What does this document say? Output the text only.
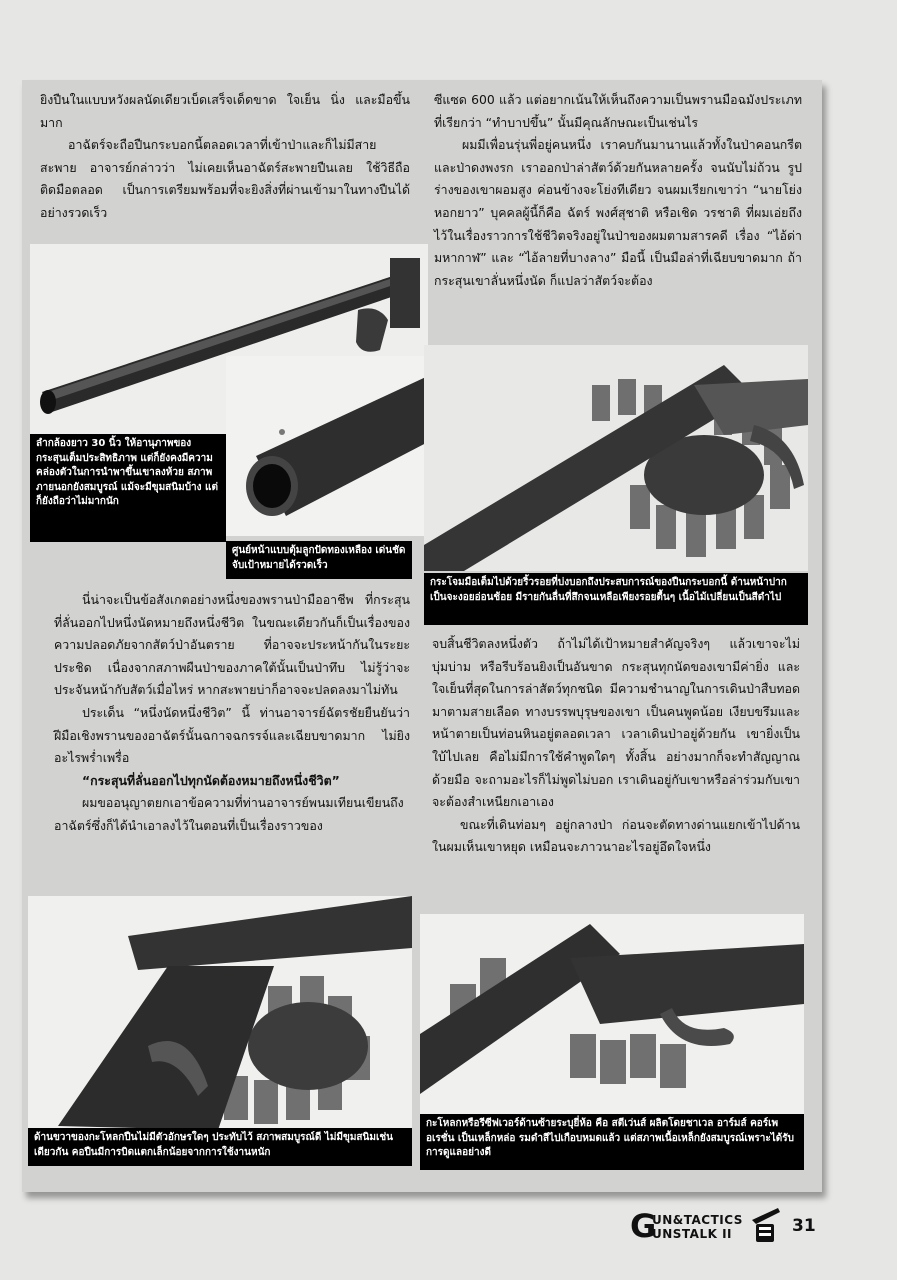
ยิงปืนในแบบหวังผลนัดเดียวเบ็ดเสร็จเด็ดขาด ใจเย็น นิ่ง และมือขึ้นมาก

อาฉัตร์จะถือปืนกระบอกนี้ตลอดเวลาที่เข้าป่าและก็ไม่มีสายสะพาย อาจารย์กล่าวว่า ไม่เคยเห็นอาฉัตร์สะพายปืนเลย ใช้วิธีถือติดมือตลอด เป็นการเตรียมพร้อมที่จะยิงสิ่งที่ผ่านเข้ามาในทางปืนได้อย่างรวดเร็ว

ลำกล้องยาว 30 นิ้ว ให้อานุภาพของกระสุนเต็มประสิทธิภาพ แต่ก็ยังคงมีความคล่องตัวในการนำพาขึ้นเขาลงห้วย สภาพภายนอกยังสมบูรณ์ แม้จะมีขุมสนิมบ้าง แต่ก็ยังถือว่าไม่มากนัก
ศูนย์หน้าแบบตุ้มลูกปัดทองเหลือง เด่นชัด จับเป้าหมายได้รวดเร็ว
กระโจมมือเต็มไปด้วยริ้วรอยที่บ่งบอกถึงประสบการณ์ของปืนกระบอกนี้ ด้านหน้าปากเป็นจะงอยอ่อนช้อย มีรายกันลื่นที่สึกจนเหลือเพียงรอยตื้นๆ เนื้อไม้เปลี่ยนเป็นสีดำไป

ซีแซด 600 แล้ว แต่อยากเน้นให้เห็นถึงความเป็นพรานมือฉมังประเภทที่เรียกว่า “ทำบาปขึ้น” นั้นมีคุณลักษณะเป็นเช่นไร

ผมมีเพื่อนรุ่นพี่อยู่คนหนึ่ง เราคบกันมานานแล้วทั้งในป่าคอนกรีต และป่าดงพงรก เราออกป่าล่าสัตว์ด้วยกันหลายครั้ง จนนับไม่ถ้วน รูปร่างของเขาผอมสูง ค่อนข้างจะโย่งทีเดียว จนผมเรียกเขาว่า “นายโย่ง หอกยาว” บุคคลผู้นี้ก็คือ ฉัตร์ พงศ์สุชาติ หรือเชิด วรชาติ ที่ผมเอ่ยถึงไว้ในเรื่องราวการใช้ชีวิตจริงอยู่ในป่าของผมตามสารคดี เรื่อง “ไอ้ด่ามหากาฬ” และ “ไอ้ลายที่บางลาง” มือนี้ เป็นมือล่าที่เฉียบขาดมาก ถ้ากระสุนเขาลั่นหนึ่งนัด ก็แปลว่าสัตว์จะต้อง

นี่น่าจะเป็นข้อสังเกตอย่างหนึ่งของพรานป่ามืออาชีพ ที่กระสุนที่ลั่นออกไปหนึ่งนัดหมายถึงหนึ่งชีวิต ในขณะเดียวกันก็เป็นเรื่องของความปลอดภัยจากสัตว์ป่าอันตราย ที่อาจจะประหน้ากันในระยะประชิด เนื่องจากสภาพผืนป่าของภาคใต้นั้นเป็นป่าทึบ ไม่รู้ว่าจะประจันหน้ากับสัตว์เมื่อไหร่ หากสะพายบ่าก็อาจจะปลดลงมาไม่ทัน

ประเด็น “หนึ่งนัดหนึ่งชีวิต” นี้ ท่านอาจารย์ฉัตรชัยยืนยันว่า ฝีมือเชิงพรานของอาฉัตร์นั้นฉกาจฉกรรจ์และเฉียบขาดมาก ไม่ยิงอะไรพร่ำเพรื่อ

“กระสุนที่ลั่นออกไปทุกนัดต้องหมายถึงหนึ่งชีวิต”

ผมขออนุญาตยกเอาข้อความที่ท่านอาจารย์พนมเทียนเขียนถึงอาฉัตร์ซึ่งก็ได้นำเอาลงไว้ในตอนที่เป็นเรื่องราวของ

จบสิ้นชีวิตลงหนึ่งตัว ถ้าไม่ได้เป้าหมายสำคัญจริงๆ แล้วเขาจะไม่บุ่มบ่าม หรือรีบร้อนยิงเป็นอันขาด กระสุนทุกนัดของเขามีค่ายิ่ง และใจเย็นที่สุดในการล่าสัตว์ทุกชนิด มีความชำนาญในการเดินป่าสืบทอดมาตามสายเลือด ทางบรรพบุรุษของเขา เป็นคนพูดน้อย เงียบขรึมและหน้าตายเป็นท่อนหินอยู่ตลอดเวลา เวลาเดินป่าอยู่ด้วยกัน เขายิ่งเป็นใบ้ไปเลย คือไม่มีการใช้คำพูดใดๆ ทั้งสิ้น อย่างมากก็จะทำสัญญาณด้วยมือ จะถามอะไรก็ไม่พูดไม่บอก เราเดินอยู่กับเขาหรือล่าร่วมกับเขา จะต้องสำเหนียกเอาเอง

ขณะที่เดินท่อมๆ อยู่กลางป่า ก่อนจะตัดทางด่านแยกเข้าไปด้านในผมเห็นเขาหยุด เหมือนจะภาวนาอะไรอยู่อึดใจหนึ่ง

ด้านขวาของกะโหลกปืนไม่มีตัวอักษรใดๆ ประทับไว้ สภาพสมบูรณ์ดี ไม่มีขุมสนิมเช่นเดียวกัน คอปืนมีการบิดแตกเล็กน้อยจากการใช้งานหนัก
กะโหลกหรือรีซีฟเวอร์ด้านซ้ายระบุยี่ห้อ คือ สตีเว่นส์ ผลิตโดยชาเวล อาร์มส์ คอร์เพอเรชั่น เป็นเหล็กหล่อ รมดำสีไปเกือบหมดแล้ว แต่สภาพเนื้อเหล็กยังสมบูรณ์เพราะได้รับการดูแลอย่างดี
G
UN&TACTICS
UNSTALK II	31
